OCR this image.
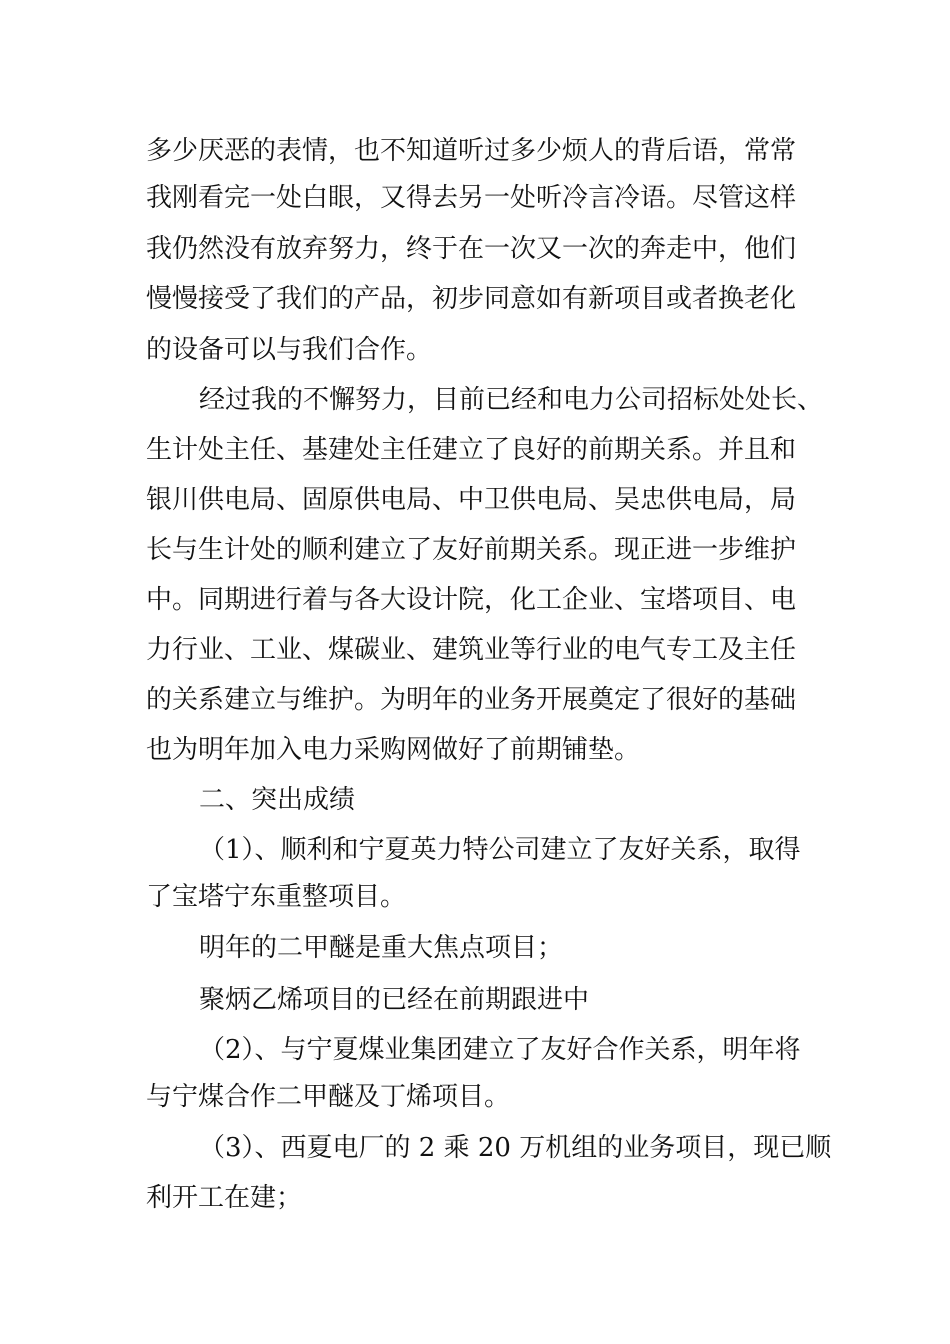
多少厌恶的表情，也不知道听过多少烦人的背后语，常常
我刚看完一处白眼，又得去另一处听冷言冷语。尽管这样
我仍然没有放弃努力，终于在一次又一次的奔走中，他们
慢慢接受了我们的产品，初步同意如有新项目或者换老化
的设备可以与我们合作。
经过我的不懈努力，目前已经和电力公司招标处处长、
生计处主任、基建处主任建立了良好的前期关系。并且和
银川供电局、固原供电局、中卫供电局、吴忠供电局，局
长与生计处的顺利建立了友好前期关系。现正进一步维护
中。同期进行着与各大设计院，化工企业、宝塔项目、电
力行业、工业、煤碳业、建筑业等行业的电气专工及主任
的关系建立与维护。为明年的业务开展奠定了很好的基础
也为明年加入电力采购网做好了前期铺垫。
二、突出成绩
（1）、顺利和宁夏英力特公司建立了友好关系，取得
了宝塔宁东重整项目。
明年的二甲醚是重大焦点项目；
聚炳乙烯项目的已经在前期跟进中
（2）、与宁夏煤业集团建立了友好合作关系，明年将
与宁煤合作二甲醚及丁烯项目。
（3）、西夏电厂的 2 乘 20 万机组的业务项目，现已顺
利开工在建；
